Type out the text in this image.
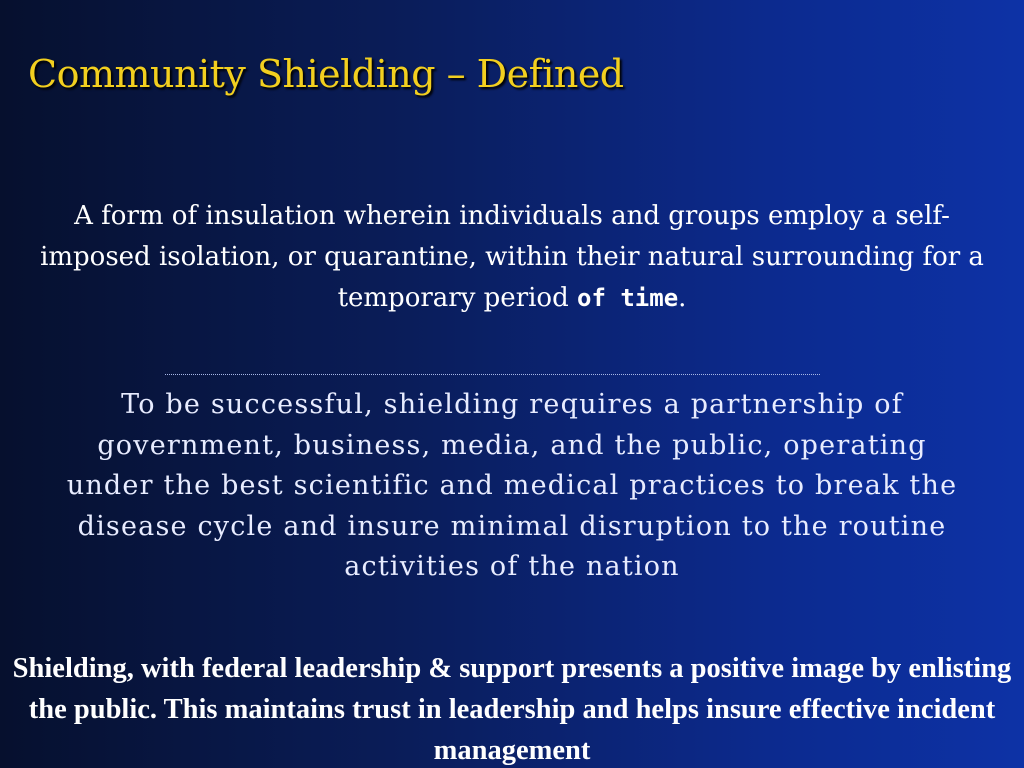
Community Shielding – Defined
A form of insulation wherein individuals and groups employ a self-imposed isolation, or quarantine, within their natural surrounding for a temporary period of time.
To be successful, shielding requires a partnership of government, business, media, and the public, operating under the best scientific and medical practices to break the disease cycle and insure minimal disruption to the routine activities of the nation
Shielding, with federal leadership & support presents a positive image by enlisting the public. This maintains trust in leadership and helps insure effective incident management
